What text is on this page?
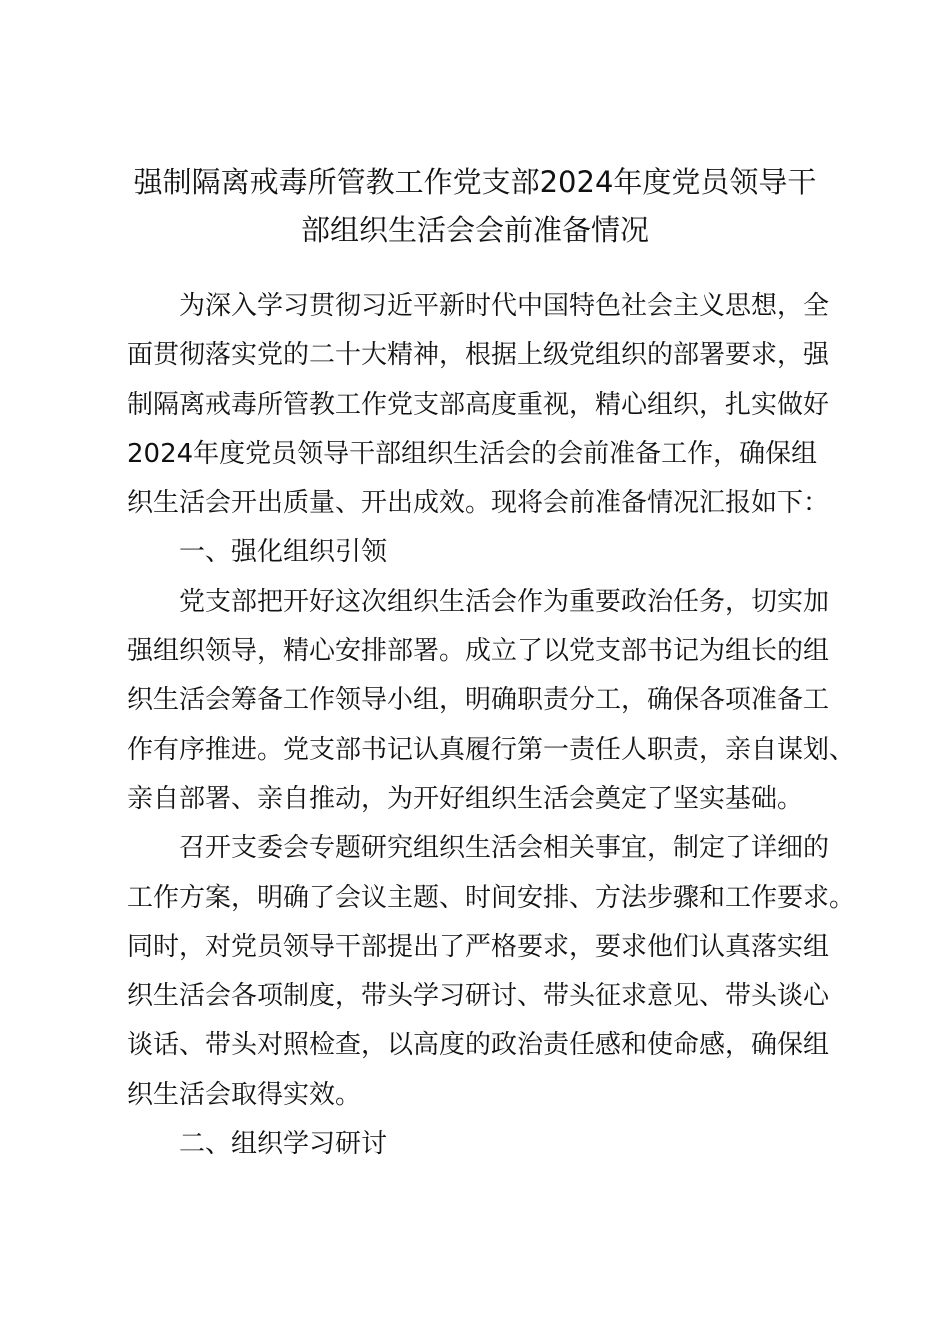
强制隔离戒毒所管教工作党支部2024年度党员领导干
部组织生活会会前准备情况

为深入学习贯彻习近平新时代中国特色社会主义思想，全
面贯彻落实党的二十大精神，根据上级党组织的部署要求，强
制隔离戒毒所管教工作党支部高度重视，精心组织，扎实做好
2024年度党员领导干部组织生活会的会前准备工作，确保组
织生活会开出质量、开出成效。现将会前准备情况汇报如下：

一、强化组织引领

党支部把开好这次组织生活会作为重要政治任务，切实加
强组织领导，精心安排部署。成立了以党支部书记为组长的组
织生活会筹备工作领导小组，明确职责分工，确保各项准备工
作有序推进。党支部书记认真履行第一责任人职责，亲自谋划、
亲自部署、亲自推动，为开好组织生活会奠定了坚实基础。

召开支委会专题研究组织生活会相关事宜，制定了详细的
工作方案，明确了会议主题、时间安排、方法步骤和工作要求。
同时，对党员领导干部提出了严格要求，要求他们认真落实组
织生活会各项制度，带头学习研讨、带头征求意见、带头谈心
谈话、带头对照检查，以高度的政治责任感和使命感，确保组
织生活会取得实效。

二、组织学习研讨
